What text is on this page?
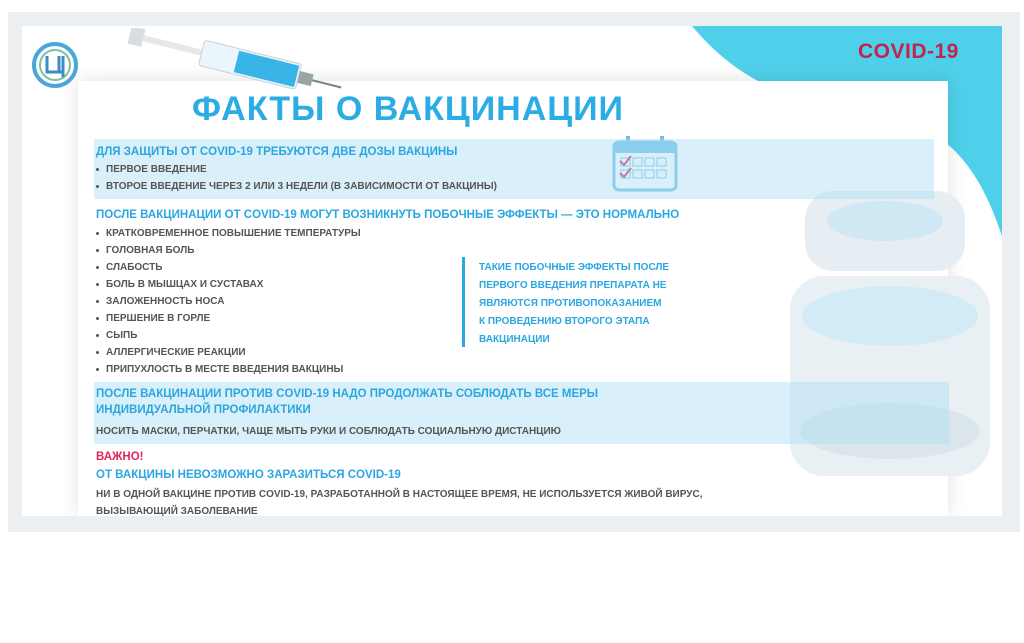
COVID-19
ФАКТЫ О ВАКЦИНАЦИИ
ДЛЯ ЗАЩИТЫ ОТ COVID-19 ТРЕБУЮТСЯ ДВЕ ДОЗЫ ВАКЦИНЫ
ПЕРВОЕ ВВЕДЕНИЕ
ВТОРОЕ ВВЕДЕНИЕ ЧЕРЕЗ 2 ИЛИ 3 НЕДЕЛИ (В ЗАВИСИМОСТИ ОТ ВАКЦИНЫ)
ПОСЛЕ ВАКЦИНАЦИИ ОТ COVID-19 МОГУТ ВОЗНИКНУТЬ ПОБОЧНЫЕ ЭФФЕКТЫ — ЭТО НОРМАЛЬНО
КРАТКОВРЕМЕННОЕ ПОВЫШЕНИЕ ТЕМПЕРАТУРЫ
ГОЛОВНАЯ БОЛЬ
СЛАБОСТЬ
БОЛЬ В МЫШЦАХ И СУСТАВАХ
ЗАЛОЖЕННОСТЬ НОСА
ПЕРШЕНИЕ В ГОРЛЕ
СЫПЬ
АЛЛЕРГИЧЕСКИЕ РЕАКЦИИ
ПРИПУХЛОСТЬ В МЕСТЕ ВВЕДЕНИЯ ВАКЦИНЫ
ТАКИЕ ПОБОЧНЫЕ ЭФФЕКТЫ ПОСЛЕ
ПЕРВОГО ВВЕДЕНИЯ ПРЕПАРАТА НЕ
ЯВЛЯЮТСЯ ПРОТИВОПОКАЗАНИЕМ
К ПРОВЕДЕНИЮ ВТОРОГО ЭТАПА
ВАКЦИНАЦИИ
ПОСЛЕ ВАКЦИНАЦИИ ПРОТИВ COVID-19 НАДО ПРОДОЛЖАТЬ СОБЛЮДАТЬ ВСЕ МЕРЫ
ИНДИВИДУАЛЬНОЙ ПРОФИЛАКТИКИ
НОСИТЬ МАСКИ, ПЕРЧАТКИ, ЧАЩЕ МЫТЬ РУКИ И СОБЛЮДАТЬ СОЦИАЛЬНУЮ ДИСТАНЦИЮ
ВАЖНО!
ОТ ВАКЦИНЫ НЕВОЗМОЖНО ЗАРАЗИТЬСЯ COVID-19
НИ В ОДНОЙ ВАКЦИНЕ ПРОТИВ COVID-19, РАЗРАБОТАННОЙ В НАСТОЯЩЕЕ ВРЕМЯ, НЕ ИСПОЛЬЗУЕТСЯ ЖИВОЙ ВИРУС,
ВЫЗЫВАЮЩИЙ ЗАБОЛЕВАНИЕ
